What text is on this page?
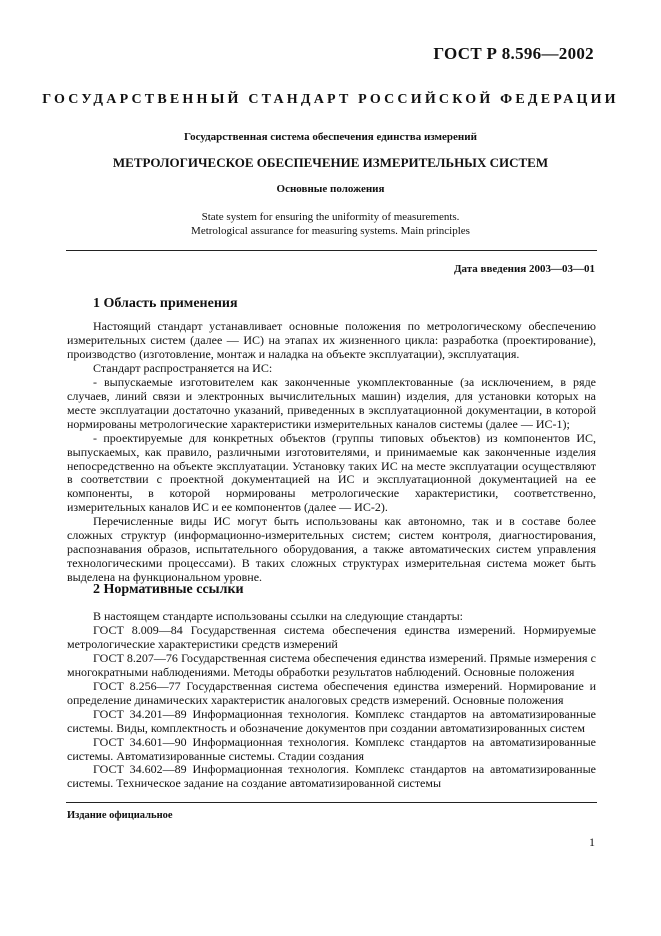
ГОСТ Р 8.596—2002
ГОСУДАРСТВЕННЫЙ СТАНДАРТ РОССИЙСКОЙ ФЕДЕРАЦИИ
Государственная система обеспечения единства измерений
МЕТРОЛОГИЧЕСКОЕ ОБЕСПЕЧЕНИЕ ИЗМЕРИТЕЛЬНЫХ СИСТЕМ
Основные положения
State system for ensuring the uniformity of measurements.
Metrological assurance for measuring systems. Main principles
Дата введения 2003—03—01
1 Область применения

Настоящий стандарт устанавливает основные положения по метрологическому обеспечению измерительных систем (далее — ИС) на этапах их жизненного цикла: разработка (проектирование), производство (изготовление, монтаж и наладка на объекте эксплуатации), эксплуатация.

Стандарт распространяется на ИС:

- выпускаемые изготовителем как законченные укомплектованные (за исключением, в ряде случаев, линий связи и электронных вычислительных машин) изделия, для установки которых на месте эксплуатации достаточно указаний, приведенных в эксплуатационной документации, в которой нормированы метрологические характеристики измерительных каналов системы (далее — ИС-1);

- проектируемые для конкретных объектов (группы типовых объектов) из компонентов ИС, выпускаемых, как правило, различными изготовителями, и принимаемые как законченные изделия непосредственно на объекте эксплуатации. Установку таких ИС на месте эксплуатации осуществляют в соответствии с проектной документацией на ИС и эксплуатационной документацией на ее компоненты, в которой нормированы метрологические характеристики, соответственно, измерительных каналов ИС и ее компонентов (далее — ИС-2).

Перечисленные виды ИС могут быть использованы как автономно, так и в составе более сложных структур (информационно-измерительных систем; систем контроля, диагностирования, распознавания образов, испытательного оборудования, а также автоматических систем управления технологическими процессами). В таких сложных структурах измерительная система может быть выделена на функциональном уровне.

2 Нормативные ссылки

В настоящем стандарте использованы ссылки на следующие стандарты:

ГОСТ 8.009—84 Государственная система обеспечения единства измерений. Нормируемые метрологические характеристики средств измерений

ГОСТ 8.207—76 Государственная система обеспечения единства измерений. Прямые измерения с многократными наблюдениями. Методы обработки результатов наблюдений. Основные положения

ГОСТ 8.256—77 Государственная система обеспечения единства измерений. Нормирование и определение динамических характеристик аналоговых средств измерений. Основные положения

ГОСТ 34.201—89 Информационная технология. Комплекс стандартов на автоматизированные системы. Виды, комплектность и обозначение документов при создании автоматизированных систем

ГОСТ 34.601—90 Информационная технология. Комплекс стандартов на автоматизированные системы. Автоматизированные системы. Стадии создания

ГОСТ 34.602—89 Информационная технология. Комплекс стандартов на автоматизированные системы. Техническое задание на создание автоматизированной системы

Издание официальное
1
